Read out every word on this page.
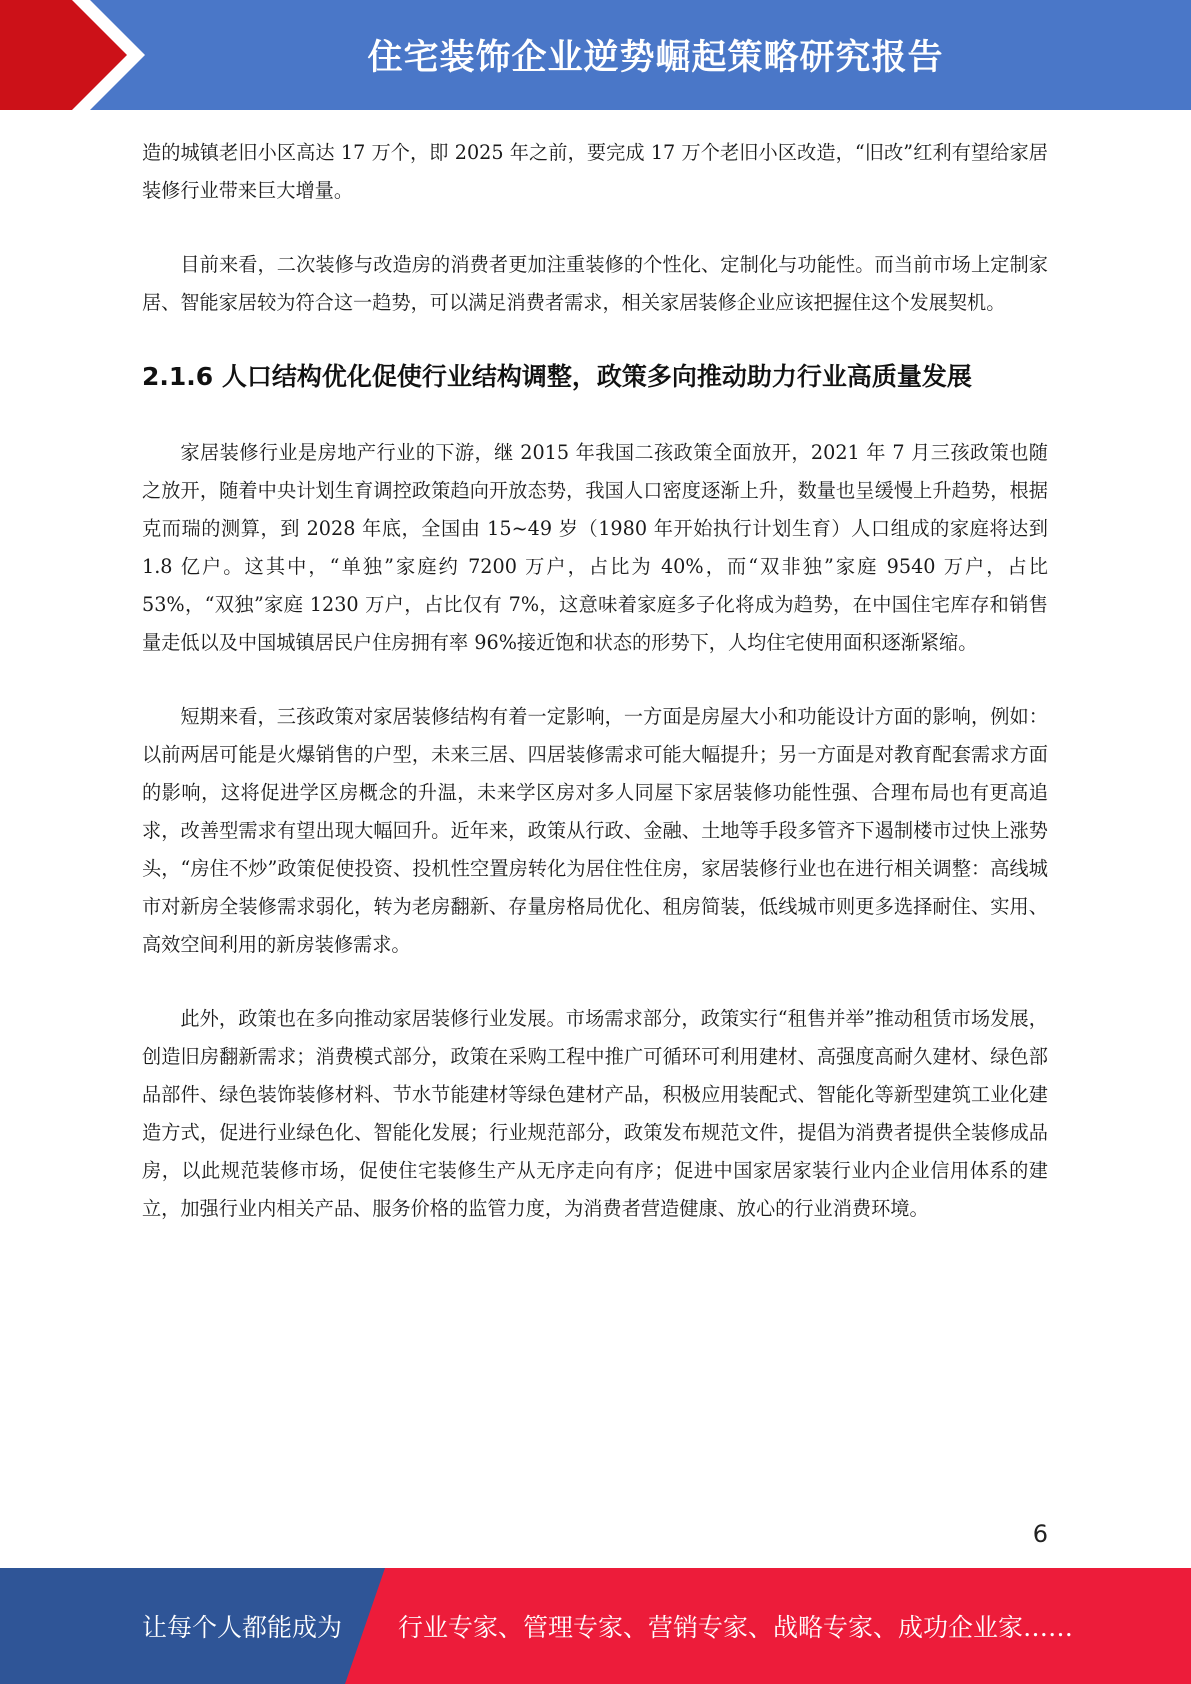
住宅装饰企业逆势崛起策略研究报告

造的城镇老旧小区高达 17 万个，即 2025 年之前，要完成 17 万个老旧小区改造，“旧改”红利有望给家居装修行业带来巨大增量。

目前来看，二次装修与改造房的消费者更加注重装修的个性化、定制化与功能性。而当前市场上定制家居、智能家居较为符合这一趋势，可以满足消费者需求，相关家居装修企业应该把握住这个发展契机。

2.1.6 人口结构优化促使行业结构调整，政策多向推动助力行业高质量发展

家居装修行业是房地产行业的下游，继 2015 年我国二孩政策全面放开，2021 年 7 月三孩政策也随之放开，随着中央计划生育调控政策趋向开放态势，我国人口密度逐渐上升，数量也呈缓慢上升趋势，根据克而瑞的测算，到 2028 年底，全国由 15~49 岁（1980 年开始执行计划生育）人口组成的家庭将达到 1.8 亿户。这其中，“单独”家庭约 7200 万户，占比为 40%，而“双非独”家庭 9540 万户，占比 53%，“双独”家庭 1230 万户，占比仅有 7%，这意味着家庭多子化将成为趋势，在中国住宅库存和销售量走低以及中国城镇居民户住房拥有率 96%接近饱和状态的形势下，人均住宅使用面积逐渐紧缩。

短期来看，三孩政策对家居装修结构有着一定影响，一方面是房屋大小和功能设计方面的影响，例如：以前两居可能是火爆销售的户型，未来三居、四居装修需求可能大幅提升；另一方面是对教育配套需求方面的影响，这将促进学区房概念的升温，未来学区房对多人同屋下家居装修功能性强、合理布局也有更高追求，改善型需求有望出现大幅回升。近年来，政策从行政、金融、土地等手段多管齐下遏制楼市过快上涨势头，“房住不炒”政策促使投资、投机性空置房转化为居住性住房，家居装修行业也在进行相关调整：高线城市对新房全装修需求弱化，转为老房翻新、存量房格局优化、租房简装，低线城市则更多选择耐住、实用、高效空间利用的新房装修需求。

此外，政策也在多向推动家居装修行业发展。市场需求部分，政策实行“租售并举”推动租赁市场发展，创造旧房翻新需求；消费模式部分，政策在采购工程中推广可循环可利用建材、高强度高耐久建材、绿色部品部件、绿色装饰装修材料、节水节能建材等绿色建材产品，积极应用装配式、智能化等新型建筑工业化建造方式，促进行业绿色化、智能化发展；行业规范部分，政策发布规范文件，提倡为消费者提供全装修成品房，以此规范装修市场，促使住宅装修生产从无序走向有序；促进中国家居家装行业内企业信用体系的建立，加强行业内相关产品、服务价格的监管力度，为消费者营造健康、放心的行业消费环境。

6
让每个人都能成为 行业专家、管理专家、营销专家、战略专家、成功企业家……
